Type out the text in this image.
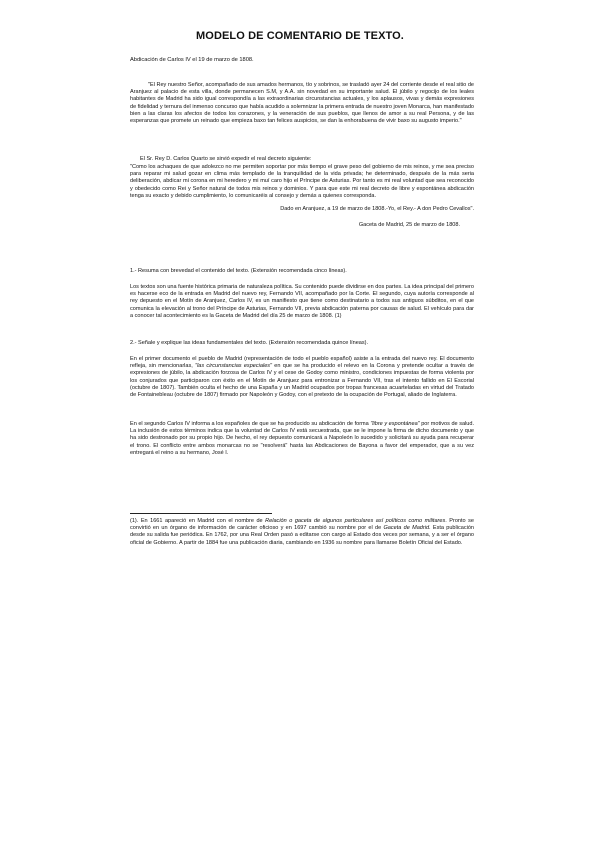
MODELO DE COMENTARIO DE TEXTO.
Abdicación de Carlos IV el 19 de marzo de 1808.

"El Rey nuestro Señor, acompañado de sus amados hermanos, tío y sobrinos, se trasladó ayer 24 del corriente desde el real sitio de Aranjuez al palacio de esta villa, donde permanecen S.M, y A.A. sin novedad en su importante salud. El júbilo y regocijo de los leales habitantes de Madrid ha sido igual correspondía a las extraordinarias circunstancias actuales, y los aplausos, vivas y demás expresiones de fidelidad y ternura del inmenso concurso que había acudido a solemnizar la primera entrada de nuestro joven Monarca, han manifestado bien a las claras los afectos de todos los corazones, y la veneración de sus pueblos, que llenos de amor a su real Persona, y de las esperanzas que promete un reinado que empieza baxo tan felices auspicios, se dan la enhorabuena de vivir baxo su augusto imperio."

El Sr. Rey D. Carlos Quarto se sirvió expedir el real decreto siguiente:

"Como los achaques de que adolezco no me permiten soportar por más tiempo el grave peso del gobierno de mis reinos, y me sea preciso para reparar mi salud gozar en clima más templado de la tranquilidad de la vida privada; he determinado, después de la más seria deliberación, abdicar mi corona en mi heredero y mi muí caro hijo el Príncipe de Asturias. Por tanto es mi real voluntad que sea reconocido y obedecido como Rei y Señor natural de todos mis reinos y dominios. Y para que este mi real decreto de libre y espontánea abdicación tenga su exacto y debido cumplimiento, lo comunicaréis al consejo y demás a quienes corresponda.

Dado en Aranjuez, a 19 de marzo de 1808.-Yo, el Rey.- A don Pedro Cevallos".

Gaceta de Madrid, 25 de marzo de 1808.

1.- Resuma con brevedad el contenido del texto. (Extensión recomendada cinco líneas).

Los textos son una fuente histórica primaria de naturaleza política. Su contenido puede dividirse en dos partes. La idea principal del primero es hacerse eco de la entrada en Madrid del nuevo rey, Fernando VII, acompañado por la Corte. El segundo, cuya autoría corresponde al rey depuesto en el Motín de Aranjuez, Carlos IV, es un manifiesto que tiene como destinatario a todos sus antiguos súbditos, en el que comunica la elevación al trono del Príncipe de Asturias, Fernando VII, previa abdicación paterna por causas de salud. El vehículo para dar a conocer tal acontecimiento es la Gaceta de Madrid del día 25 de marzo de 1808. (1)

2.- Señale y explique las ideas fundamentales del texto. (Extensión recomendada quince líneas).

En el primer documento el pueblo de Madrid (representación de todo el pueblo español) asiste a la entrada del nuevo rey. El documento refleja, sin mencionarlas, "las circunstancias especiales" en que se ha producido el relevo en la Corona y pretende ocultar a través de expresiones de júbilo, la abdicación forzosa de Carlos IV y el cese de Godoy como ministro, condiciones impuestas de forma violenta por los conjurados que participaron con éxito en el Motín de Aranjuez para entronizar a Fernando VII, tras el intento fallido en El Escorial (octubre de 1807). También oculta el hecho de una España y un Madrid ocupados por tropas francesas acuarteladas en virtud del Tratado de Fontainebleau (octubre de 1807) firmado por Napoleón y Godoy, con el pretexto de la ocupación de Portugal, aliado de Inglaterra.

En el segundo Carlos IV informa a los españoles de que se ha producido su abdicación de forma "libre y espontánea" por motivos de salud. La inclusión de estos términos indica que la voluntad de Carlos IV está secuestrada, que se le impone la firma de dicho documento y que ha sido destronado por su propio hijo. De hecho, el rey depuesto comunicará a Napoleón lo sucedido y solicitará su ayuda para recuperar el trono. El conflicto entre ambos monarcas no se "resolverá" hasta las Abdicaciones de Bayona a favor del emperador, que a su vez entregará el reino a su hermano, José I.

(1). En 1661 apareció en Madrid con el nombre de Relación o gaceta de algunos particulares así políticos como militares. Pronto se convirtió en un órgano de información de carácter oficioso y en 1697 cambió su nombre por el de Gaceta de Madrid. Esta publicación desde su salida fue periódica. En 1762, por una Real Orden pasó a editarse con cargo al Estado dos veces por semana, y a ser el órgano oficial de Gobierno. A partir de 1884 fue una publicación diaria, cambiando en 1936 su nombre para llamarse Boletín Oficial del Estado.
